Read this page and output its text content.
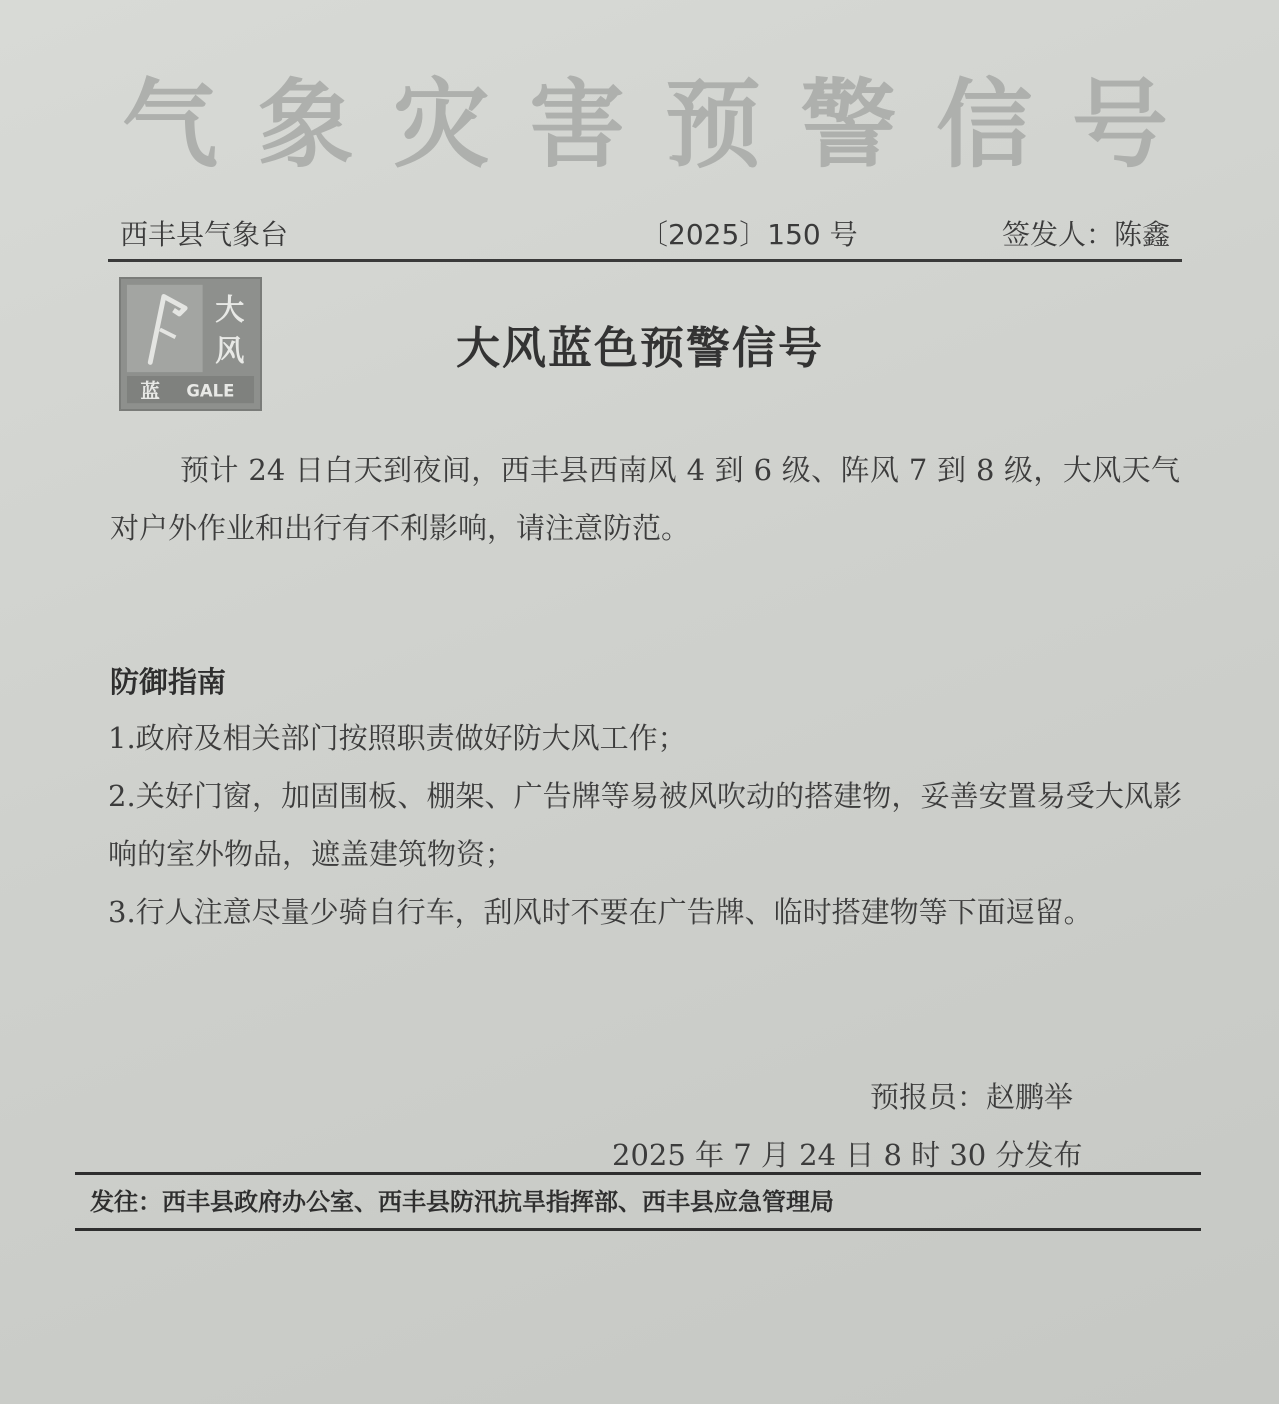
气 象 灾 害 预 警 信 号
西丰县气象台	〔2025〕150 号	签发人：陈鑫
大
风
蓝 GALE
大风蓝色预警信号
预计 24 日白天到夜间，西丰县西南风 4 到 6 级、阵风 7 到 8 级，大风天气对户外作业和出行有不利影响，请注意防范。
防御指南

1.政府及相关部门按照职责做好防大风工作；

2.关好门窗，加固围板、棚架、广告牌等易被风吹动的搭建物，妥善安置易受大风影响的室外物品，遮盖建筑物资；

3.行人注意尽量少骑自行车，刮风时不要在广告牌、临时搭建物等下面逗留。

预报员：赵鹏举
2025 年 7 月 24 日 8 时 30 分发布
发往：西丰县政府办公室、西丰县防汛抗旱指挥部、西丰县应急管理局
